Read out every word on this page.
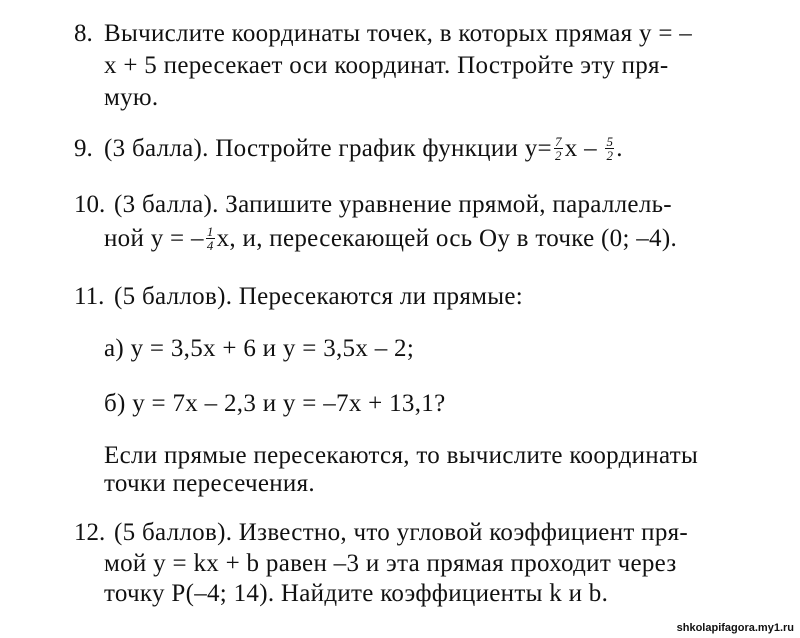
8. Вычислите координаты точек, в которых прямая y = –
x + 5 пересекает оси координат. Постройте эту пря-
мую.
9. (3 балла). Постройте график функции $y= \frac{7}{2}$ x – $\frac{5}{2}$ .
10. (3 балла). Запишите уравнение прямой, параллель-
ной y = – $\frac{1}{4} x$, и, пересекающей ось Oy в точке (0; –4).
11. (5 баллов). Пересекаются ли прямые:
а) y = 3,5x + 6 и y = 3,5x – 2;
б) y = 7x – 2,3 и y = –7x + 13,1?
Если прямые пересекаются, то вычислите координаты
точки пересечения.
12. (5 баллов). Известно, что угловой коэффициент пря-
мой y = kx + b равен –3 и эта прямая проходит через
точку P(–4; 14). Найдите коэффициенты k и b.
shkolapifagora.my1.ru
